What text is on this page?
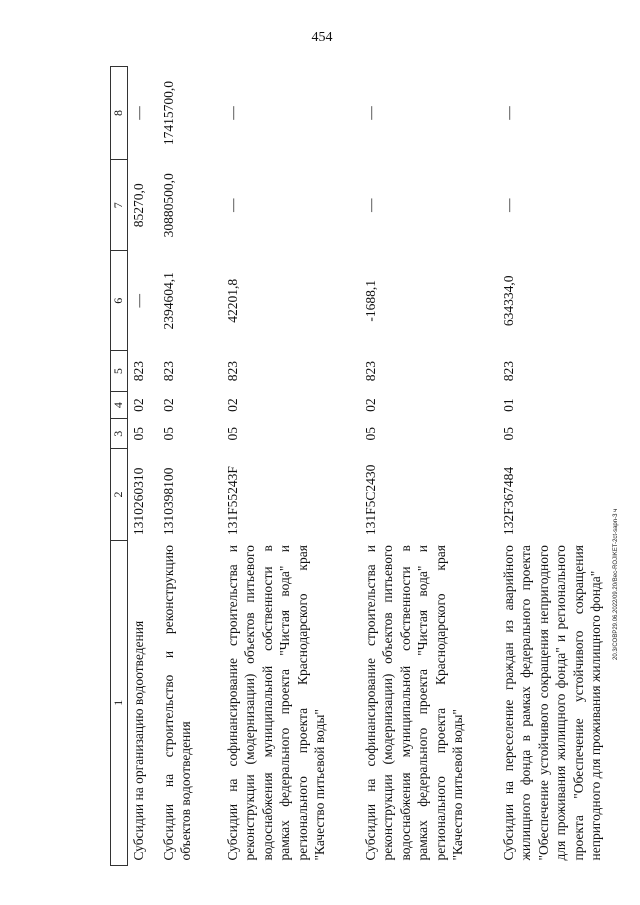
454
20.3/COBP29.06.2022/09.20/Bec-ROJIKET-2ct-sapn-3 ч
1	2	3	4	5	6	7	8
Субсидии на организацию водоотведения	1310260310	05	02	823	—	85270,0	—
Субсидии на строительство и реконструкцию объектов водоотведения	1310398100	05	02	823	2394604,1	30880500,0	17415700,0
Субсидии на софинансирование строительства и реконструкции (модернизации) объектов питьевого водоснабжения муниципальной собственности в рамках федерального проекта "Чистая вода" и регионального проекта Краснодарского края "Качество питьевой воды"	131F55243F	05	02	823	42201,8	—	—
Субсидии на софинансирование строительства и реконструкции (модернизации) объектов питьевого водоснабжения муниципальной собственности в рамках федерального проекта "Чистая вода" и регионального проекта Краснодарского края "Качество питьевой воды"	131F5C2430	05	02	823	-1688,1	—	—
Субсидии на переселение граждан из аварийного жилищного фонда в рамках федерального проекта "Обеспечение устойчивого сокращения непригодного для проживания жилищного фонда" и регионального проекта "Обеспечение устойчивого сокращения непригодного для проживания жилищного фонда"	132F367484	05	01	823	634334,0	—	—
